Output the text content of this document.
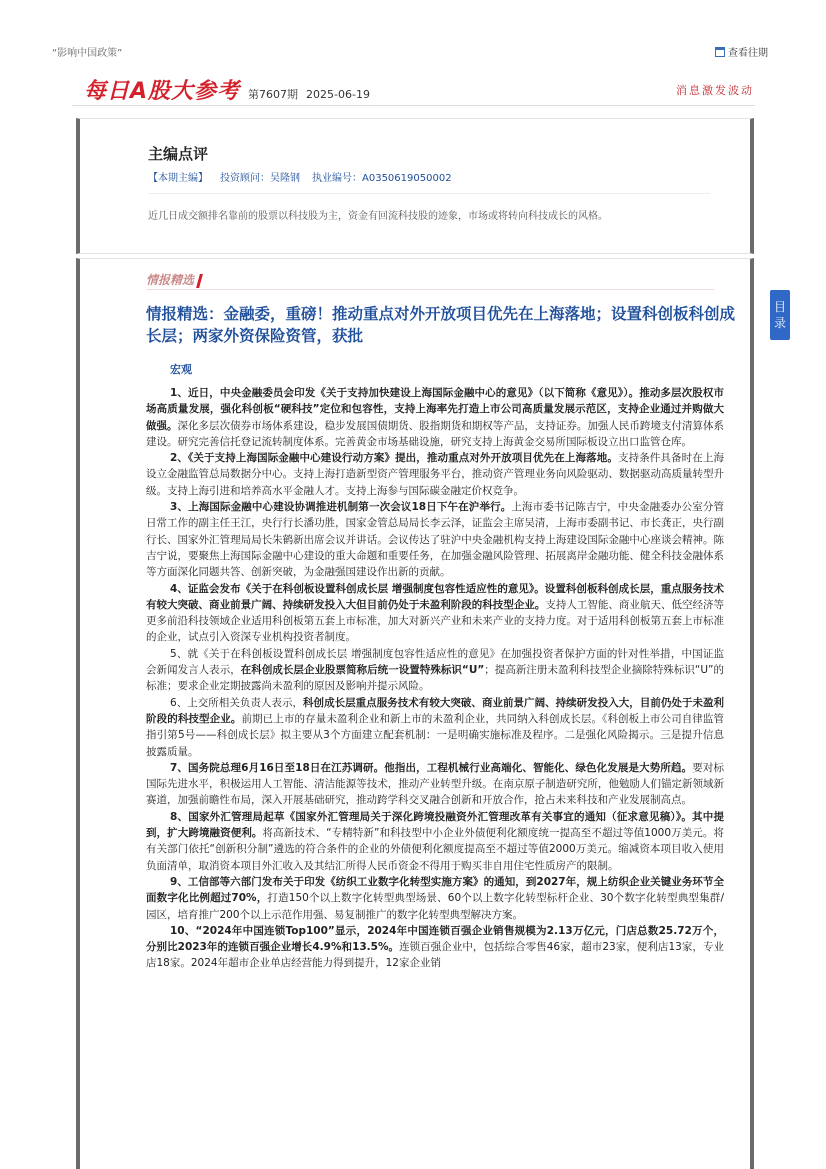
“影响中国政策”	查看往期
每日A股大参考 第7607期 2025-06-19	消息激发波动
主编点评
【本期主编】 投资顾问：吴隆钢 执业编号：A0350619050002
近几日成交额排名靠前的股票以科技股为主，资金有回流科技股的迹象，市场或将转向科技成长的风格。
情报精选
情报精选：金融委，重磅！推动重点对外开放项目优先在上海落地；设置科创板科创成长层；两家外资保险资管，获批
宏观

1、近日，中央金融委员会印发《关于支持加快建设上海国际金融中心的意见》（以下简称《意见》）。推动多层次股权市场高质量发展，强化科创板“硬科技”定位和包容性，支持上海率先打造上市公司高质量发展示范区，支持企业通过并购做大做强。深化多层次债券市场体系建设，稳步发展国债期货、股指期货和期权等产品，支持证券。加强人民币跨境支付清算体系建设。研究完善信托登记流转制度体系。完善黄金市场基础设施，研究支持上海黄金交易所国际板设立出口监管仓库。

2、《关于支持上海国际金融中心建设行动方案》提出，推动重点对外开放项目优先在上海落地。支持条件具备时在上海设立金融监管总局数据分中心。支持上海打造新型资产管理服务平台，推动资产管理业务向风险驱动、数据驱动高质量转型升级。支持上海引进和培养高水平金融人才。支持上海参与国际碳金融定价权竞争。

3、上海国际金融中心建设协调推进机制第一次会议18日下午在沪举行。上海市委书记陈吉宁，中央金融委办公室分管日常工作的副主任王江，央行行长潘功胜，国家金管总局局长李云泽，证监会主席吴清，上海市委副书记、市长龚正，央行副行长、国家外汇管理局局长朱鹤新出席会议并讲话。会议传达了驻沪中央金融机构支持上海建设国际金融中心座谈会精神。陈吉宁说，要聚焦上海国际金融中心建设的重大命题和重要任务，在加强金融风险管理、拓展离岸金融功能、健全科技金融体系等方面深化同题共答、创新突破，为金融强国建设作出新的贡献。

4、证监会发布《关于在科创板设置科创成长层 增强制度包容性适应性的意见》。设置科创板科创成长层，重点服务技术有较大突破、商业前景广阔、持续研发投入大但目前仍处于未盈利阶段的科技型企业。支持人工智能、商业航天、低空经济等更多前沿科技领域企业适用科创板第五套上市标准，加大对新兴产业和未来产业的支持力度。对于适用科创板第五套上市标准的企业，试点引入资深专业机构投资者制度。

5、就《关于在科创板设置科创成长层 增强制度包容性适应性的意见》在加强投资者保护方面的针对性举措，中国证监会新闻发言人表示，在科创成长层企业股票简称后统一设置特殊标识“U”；提高新注册未盈利科技型企业摘除特殊标识“U”的标准；要求企业定期披露尚未盈利的原因及影响并提示风险。

6、上交所相关负责人表示，科创成长层重点服务技术有较大突破、商业前景广阔、持续研发投入大，目前仍处于未盈利阶段的科技型企业。前期已上市的存量未盈利企业和新上市的未盈利企业，共同纳入科创成长层。《科创板上市公司自律监管指引第5号——科创成长层》拟主要从3个方面建立配套机制：一是明确实施标准及程序。二是强化风险揭示。三是提升信息披露质量。

7、国务院总理6月16日至18日在江苏调研。他指出，工程机械行业高端化、智能化、绿色化发展是大势所趋。要对标国际先进水平，积极运用人工智能、清洁能源等技术，推动产业转型升级。在南京原子制造研究所，他勉励人们锚定新领域新赛道，加强前瞻性布局，深入开展基础研究，推动跨学科交叉融合创新和开放合作，抢占未来科技和产业发展制高点。

8、国家外汇管理局起草《国家外汇管理局关于深化跨境投融资外汇管理改革有关事宜的通知（征求意见稿）》。其中提到，扩大跨境融资便利。将高新技术、“专精特新”和科技型中小企业外债便利化额度统一提高至不超过等值1000万美元。将有关部门依托“创新积分制”遴选的符合条件的企业的外债便利化额度提高至不超过等值2000万美元。缩减资本项目收入使用负面清单，取消资本项目外汇收入及其结汇所得人民币资金不得用于购买非自用住宅性质房产的限制。

9、工信部等六部门发布关于印发《纺织工业数字化转型实施方案》的通知，到2027年，规上纺织企业关键业务环节全面数字化比例超过70%，打造150个以上数字化转型典型场景、60个以上数字化转型标杆企业、30个数字化转型典型集群/园区，培育推广200个以上示范作用强、易复制推广的数字化转型典型解决方案。

10、“2024年中国连锁Top100”显示，2024年中国连锁百强企业销售规模为2.13万亿元，门店总数25.72万个，分别比2023年的连锁百强企业增长4.9%和13.5%。连锁百强企业中，包括综合零售46家，超市23家，便利店13家，专业店18家。2024年超市企业单店经营能力得到提升，12家企业销

目
录
